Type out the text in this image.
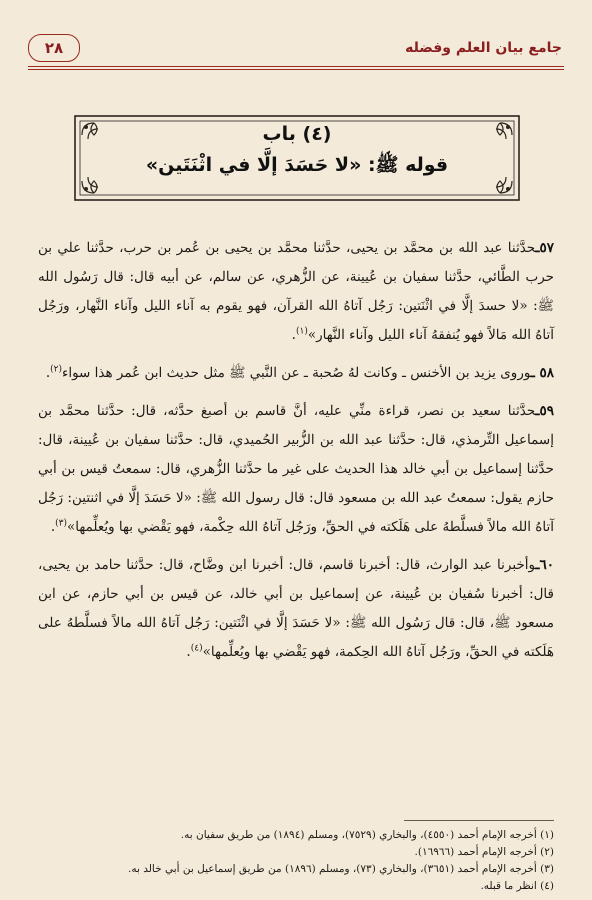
٢٨	جامع بيان العلم وفضله
(٤) باب
قوله ﷺ: «لا حَسَدَ إلَّا في اثْنَتَين»

٥٧ـحدَّثنا عبد الله بن محمَّد بن يحيى، حدَّثنا محمَّد بن يحيى بن عُمر بن حرب، حدَّثنا علي بن حرب الطَّائي، حدَّثنا سفيان بن عُيينة، عن الزُّهري، عن سالم، عن أبيه قال: قال رَسُول الله ﷺ: «لا حسدَ إلَّا في اثْنَتين: رَجُل آتاهُ الله القرآن، فهو يقوم به آناء الليل وآناء النَّهار، ورَجُل آتاهُ الله مَالاً فهو يُنفقهُ آناء الليل وآناء النَّهار»$^{(١)}$.

٥٨ ـوروى يزيد بن الأخنس ـ وكانت لهُ صُحبة ـ عن النَّبي ﷺ مثل حديث ابن عُمر هذا سواء$^{(٢)}$.

٥٩ـحدَّثنا سعيد بن نصر، قراءة منِّي عليه، أنَّ قاسم بن أصبغ حدَّثه، قال: حدَّثنا محمَّد بن إسماعيل التِّرمذي، قال: حدَّثنا عبد الله بن الزُّبير الحُميدي، قال: حدَّثنا سفيان بن عُيينة، قال: حدَّثنا إسماعيل بن أبي خالد هذا الحديث على غير ما حدَّثنا الزُّهري، قال: سمعتُ قيس بن أبي حازم يقول: سمعتُ عبد الله بن مسعود قال: قال رسول الله ﷺ: «لا حَسَدَ إلَّا في اثنتين: رَجُل آتاهُ الله مالاً فسلَّطهُ على هَلَكته في الحقِّ، ورَجُل آتاهُ الله حِكْمة، فهو يَقْضي بها ويُعلِّمها»$^{(٣)}$.

٦٠ـوأخبرنا عبد الوارث، قال: أخبرنا قاسم، قال: أخبرنا ابن وضَّاح، قال: حدَّثنا حامد بن يحيى، قال: أخبرنا سُفيان بن عُيينة، عن إسماعيل بن أبي خالد، عن قيس بن أبي حازم، عن ابن مسعود ﷺ، قال: قال رَسُول الله ﷺ: «لا حَسَدَ إلَّا في اثْنَتين: رَجُل آتاهُ الله مالاً فسلَّطهُ على هَلَكته في الحقِّ، ورَجُل آتاهُ الله الحِكمة، فهو يَقْضي بها ويُعلِّمها»$^{(٤)}$.

(١) أخرجه الإمام أحمد (٤٥٥٠)، والبخاري (٧٥٢٩)، ومسلم (١٨٩٤) من طريق سفيان به.

(٢) أخرجه الإمام أحمد (١٦٩٦٦).

(٣) أخرجه الإمام أحمد (٣٦٥١)، والبخاري (٧٣)، ومسلم (١٨٩٦) من طريق إسماعيل بن أبي خالد به.

(٤) انظر ما قبله.
